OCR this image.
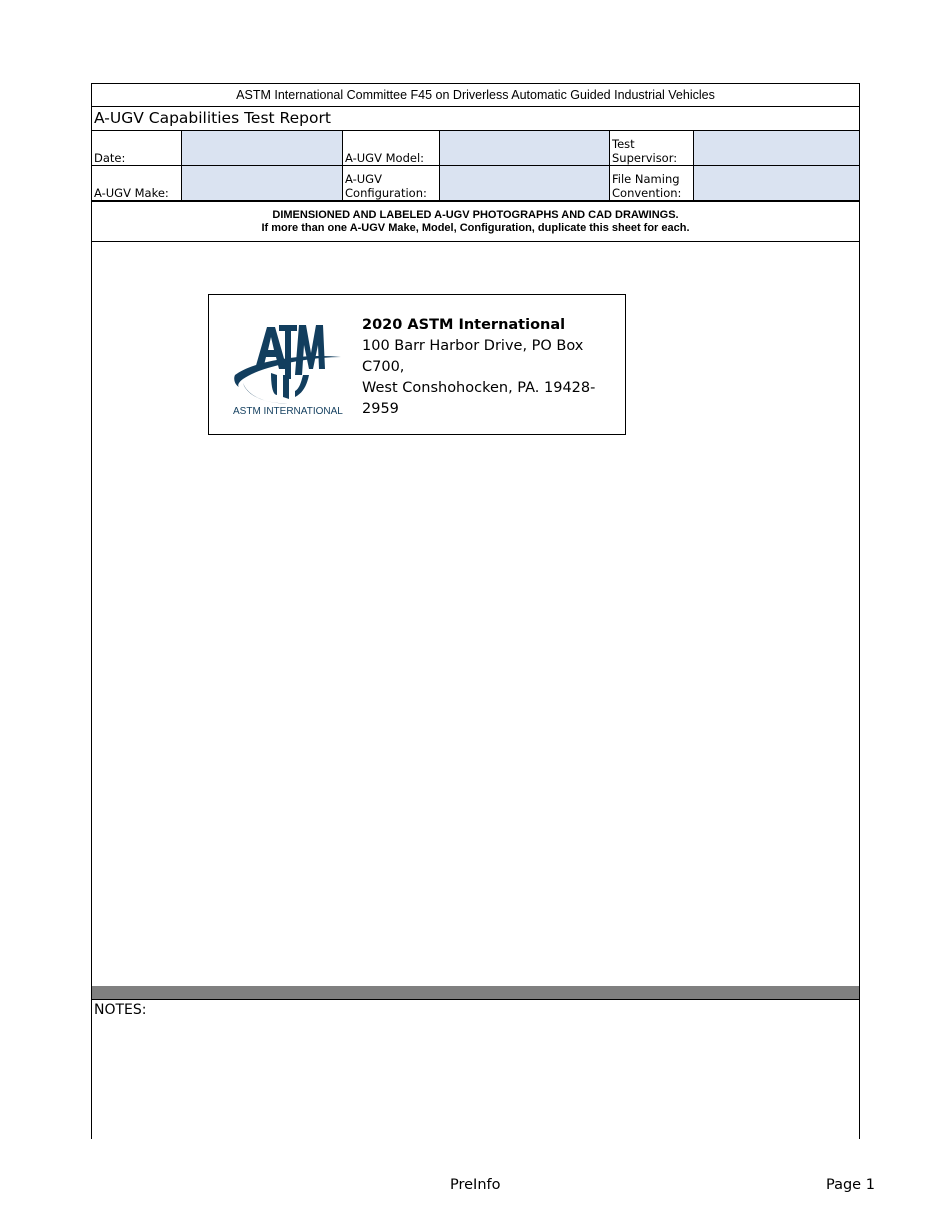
ASTM International Committee F45 on Driverless Automatic Guided Industrial Vehicles
A-UGV Capabilities Test Report
Date:	A-UGV Model:
Test
Supervisor:
A-UGV Make:
A-UGV
Configuration:
File Naming
Convention:
DIMENSIONED AND LABELED A-UGV PHOTOGRAPHS AND CAD DRAWINGS.
If more than one A-UGV Make, Model, Configuration, duplicate this sheet for each.
NOTES:
ASTM INTERNATIONAL
2020 ASTM International
100 Barr Harbor Drive, PO Box C700,
West Conshohocken, PA. 19428-2959
PreInfo	Page 1
